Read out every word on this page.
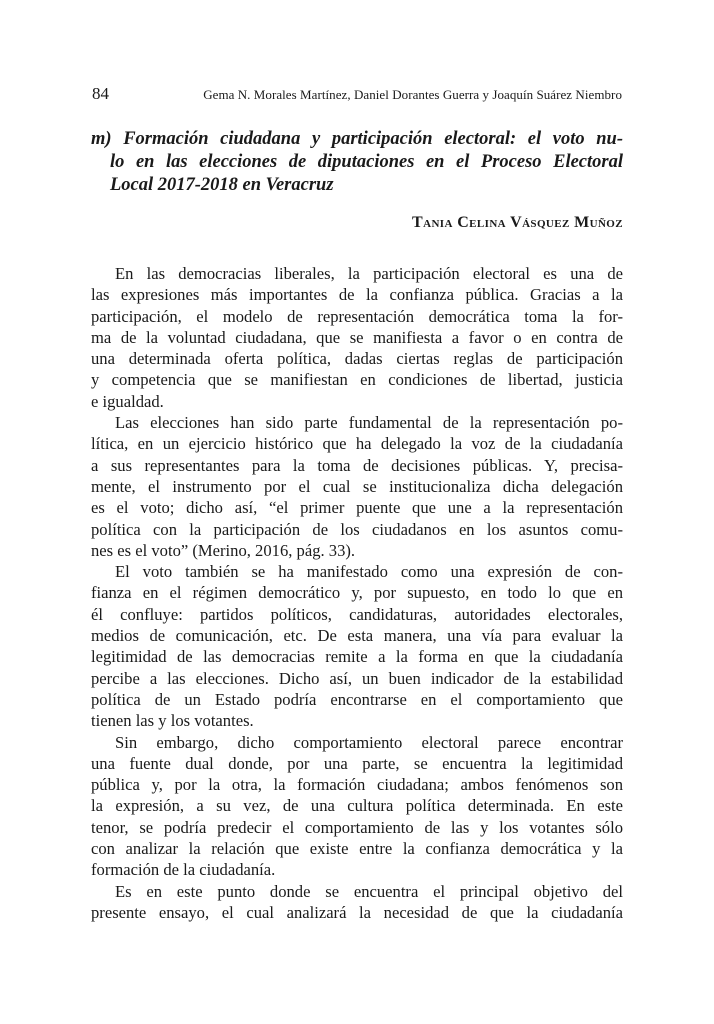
84	Gema N. Morales Martínez, Daniel Dorantes Guerra y Joaquín Suárez Niembro
m) Formación ciudadana y participación electoral: el voto nu-
lo en las elecciones de diputaciones en el Proceso Electoral
Local 2017-2018 en Veracruz
Tania Celina Vásquez Muñoz
En las democracias liberales, la participación electoral es una de
las expresiones más importantes de la confianza pública. Gracias a la
participación, el modelo de representación democrática toma la for-
ma de la voluntad ciudadana, que se manifiesta a favor o en contra de
una determinada oferta política, dadas ciertas reglas de participación
y competencia que se manifiestan en condiciones de libertad, justicia
e igualdad.
Las elecciones han sido parte fundamental de la representación po-
lítica, en un ejercicio histórico que ha delegado la voz de la ciudadanía
a sus representantes para la toma de decisiones públicas. Y, precisa-
mente, el instrumento por el cual se institucionaliza dicha delegación
es el voto; dicho así, “el primer puente que une a la representación
política con la participación de los ciudadanos en los asuntos comu-
nes es el voto” (Merino, 2016, pág. 33).
El voto también se ha manifestado como una expresión de con-
fianza en el régimen democrático y, por supuesto, en todo lo que en
él confluye: partidos políticos, candidaturas, autoridades electorales,
medios de comunicación, etc. De esta manera, una vía para evaluar la
legitimidad de las democracias remite a la forma en que la ciudadanía
percibe a las elecciones. Dicho así, un buen indicador de la estabilidad
política de un Estado podría encontrarse en el comportamiento que
tienen las y los votantes.
Sin embargo, dicho comportamiento electoral parece encontrar
una fuente dual donde, por una parte, se encuentra la legitimidad
pública y, por la otra, la formación ciudadana; ambos fenómenos son
la expresión, a su vez, de una cultura política determinada. En este
tenor, se podría predecir el comportamiento de las y los votantes sólo
con analizar la relación que existe entre la confianza democrática y la
formación de la ciudadanía.
Es en este punto donde se encuentra el principal objetivo del
presente ensayo, el cual analizará la necesidad de que la ciudadanía
